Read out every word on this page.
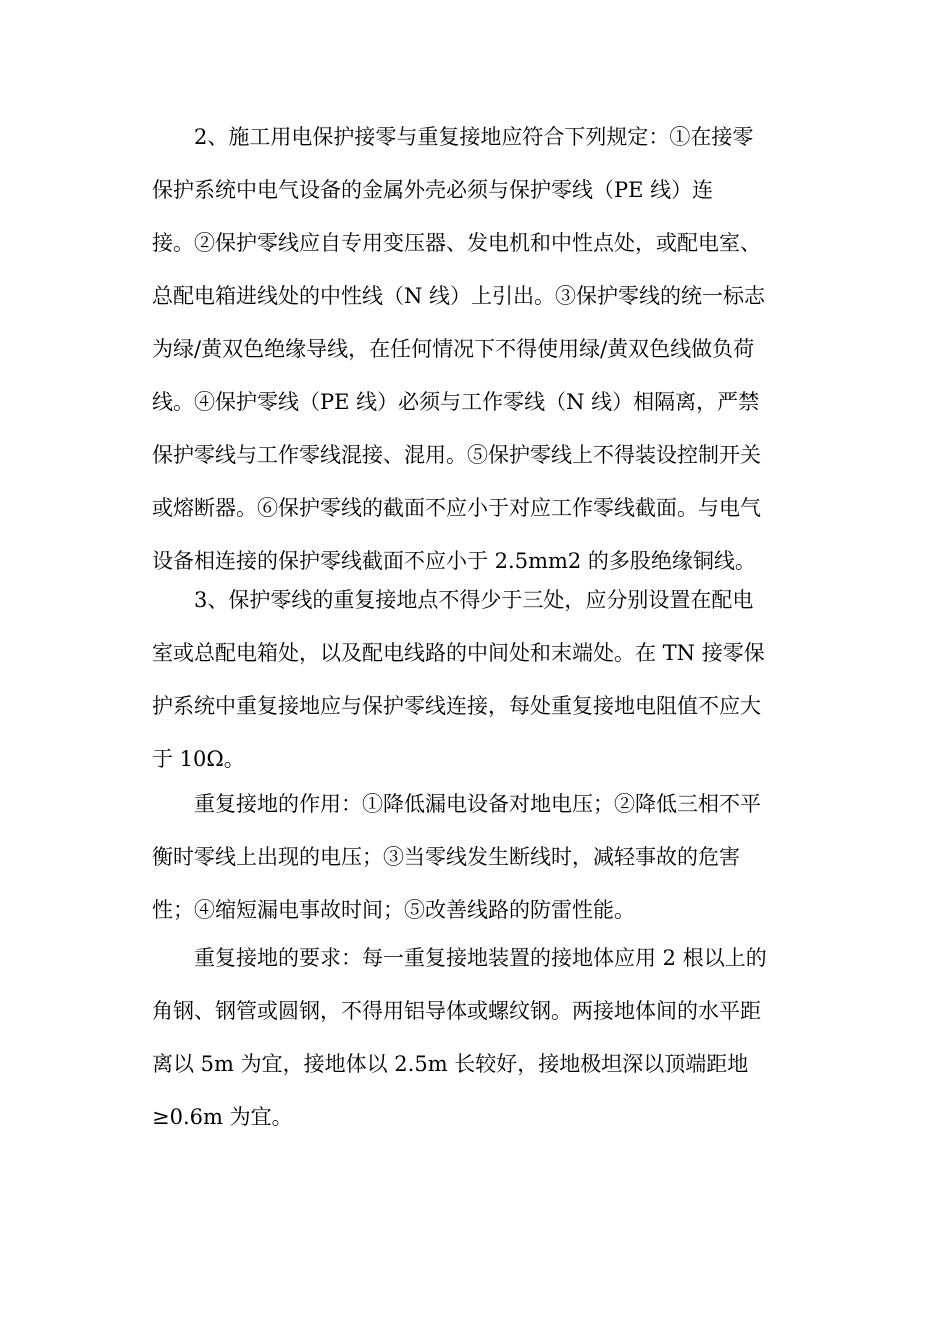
2、施工用电保护接零与重复接地应符合下列规定：①在接零
保护系统中电气设备的金属外壳必须与保护零线（PE 线）连
接。②保护零线应自专用变压器、发电机和中性点处，或配电室、
总配电箱进线处的中性线（N 线）上引出。③保护零线的统一标志
为绿/黄双色绝缘导线，在任何情况下不得使用绿/黄双色线做负荷
线。④保护零线（PE 线）必须与工作零线（N 线）相隔离，严禁
保护零线与工作零线混接、混用。⑤保护零线上不得装设控制开关
或熔断器。⑥保护零线的截面不应小于对应工作零线截面。与电气
设备相连接的保护零线截面不应小于 2.5mm2 的多股绝缘铜线。
3、保护零线的重复接地点不得少于三处，应分别设置在配电
室或总配电箱处，以及配电线路的中间处和末端处。在 TN 接零保
护系统中重复接地应与保护零线连接，每处重复接地电阻值不应大
于 10Ω。
重复接地的作用：①降低漏电设备对地电压；②降低三相不平
衡时零线上出现的电压；③当零线发生断线时，减轻事故的危害
性；④缩短漏电事故时间；⑤改善线路的防雷性能。
重复接地的要求：每一重复接地装置的接地体应用 2 根以上的
角钢、钢管或圆钢，不得用铝导体或螺纹钢。两接地体间的水平距
离以 5m 为宜，接地体以 2.5m 长较好，接地极坦深以顶端距地
≥0.6m 为宜。
